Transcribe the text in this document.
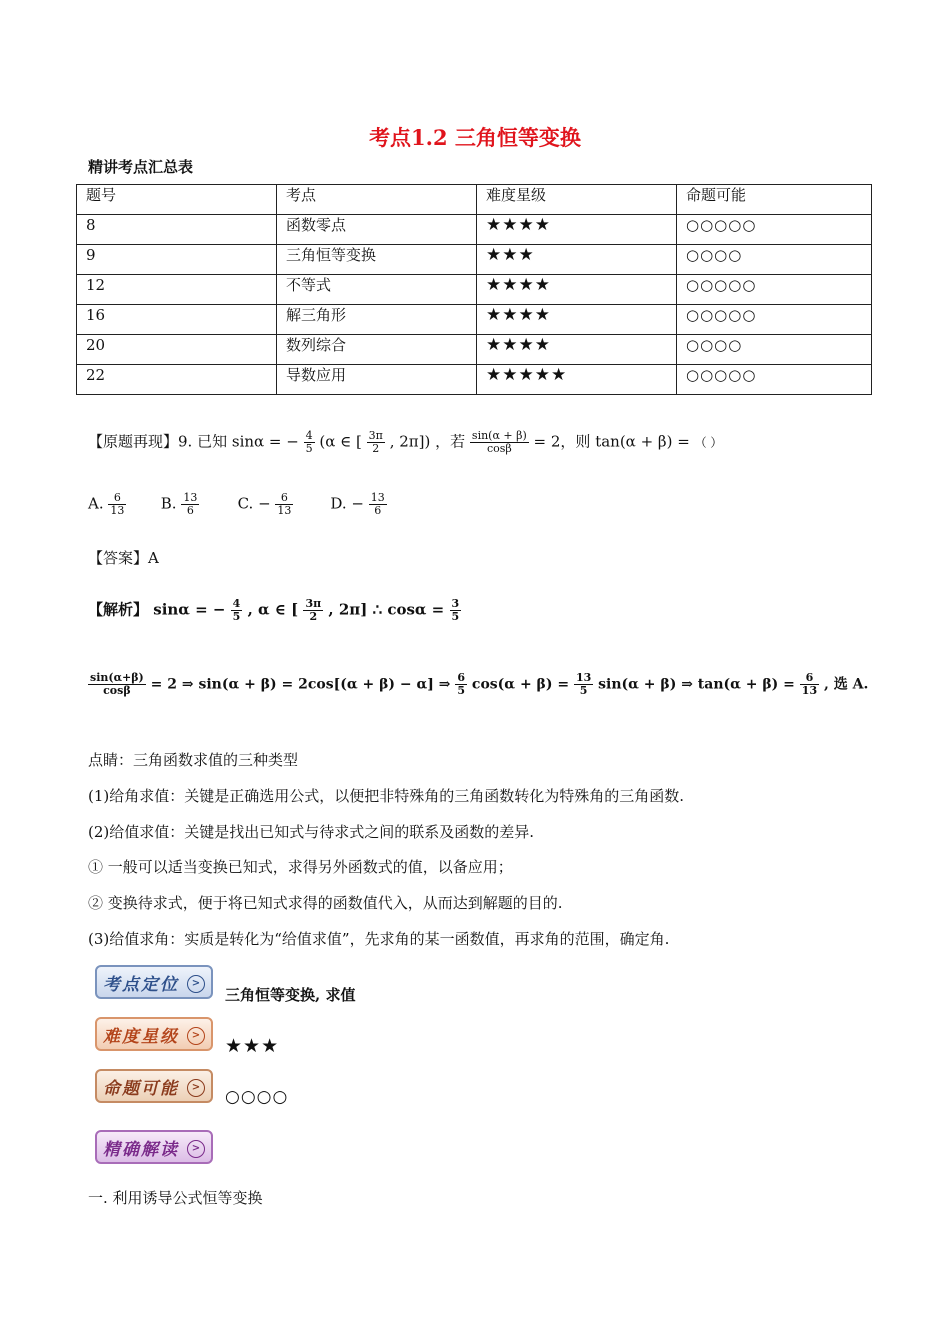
考点1.2 三角恒等变换
精讲考点汇总表
题号	考点	难度星级	命题可能
8	函数零点	★★★★	○○○○○
9	三角恒等变换	★★★	○○○○
12	不等式	★★★★	○○○○○
16	解三角形	★★★★	○○○○○
20	数列综合	★★★★	○○○○
22	导数应用	★★★★★	○○○○○
【原题再现】9. 已知 sinα = − $\frac{4}{5} (\alpha$ ∈ [ $\frac{3\pi}{2}$ , 2π]) ，若 $\frac{\sin(\alpha + \beta)}{\cos\beta} = 2$，则 tan(α + β) = （ ）
A. $\frac{6}{13} B$. $\frac{13}{6}$	C. − $\frac{6}{13} D$. − $\frac{13}{6}$
【答案】A
【解析】 sinα = − $\frac{4}{5}$ , α ∈ [ $\frac{3\pi}{2}$ , 2π] ∴ $\cos\alpha = \frac{3}{5}$
$\frac{\sin(\alpha+\beta)}{\cos\beta} = 2$ ⇒ sin(α + β) = 2cos[(α + β) − α] ⇒ $\frac{6}{5} \cos(\alpha + \beta) = \frac{13}{5} \sin(\alpha + \beta)$ ⇒ $\tan(\alpha + \beta) = \frac{6}{13}$ , 选 A.
点睛：三角函数求值的三种类型
(1)给角求值：关键是正确选用公式，以便把非特殊角的三角函数转化为特殊角的三角函数.
(2)给值求值：关键是找出已知式与待求式之间的联系及函数的差异.
① 一般可以适当变换已知式，求得另外函数式的值，以备应用；
② 变换待求式，便于将已知式求得的函数值代入，从而达到解题的目的.
(3)给值求角：实质是转化为“给值求值”，先求角的某一函数值，再求角的范围，确定角.
考点定位	>
三角恒等变换, 求值
难度星级	> ★★★
命题可能	> ○○○○
精确解读	>
一. 利用诱导公式恒等变换
